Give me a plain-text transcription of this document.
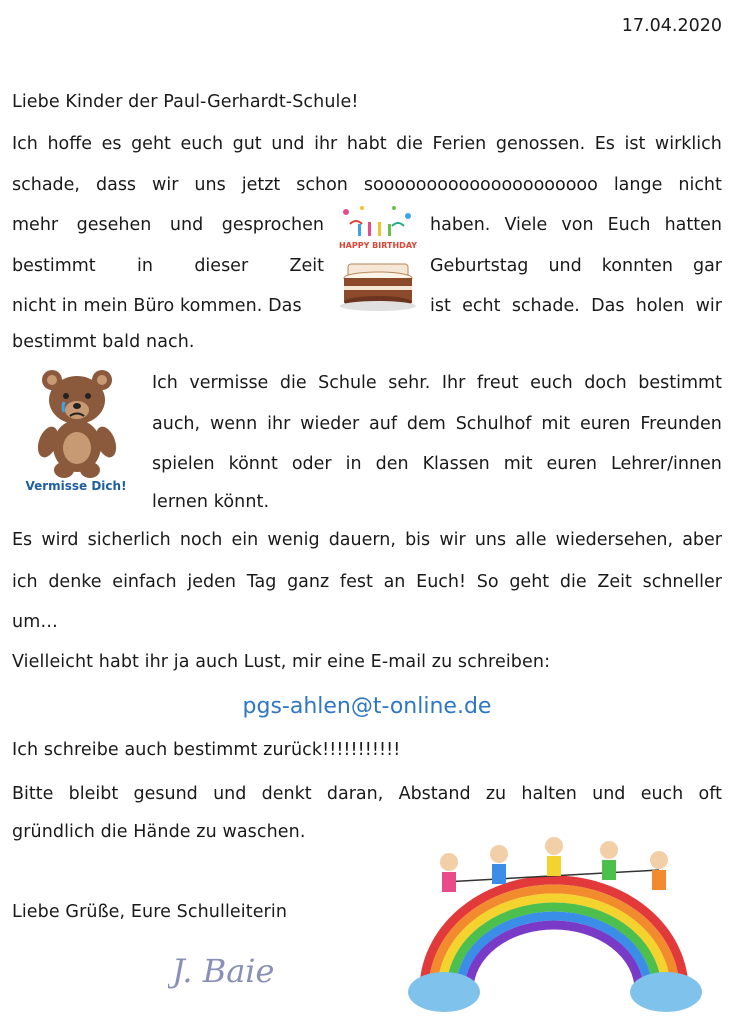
17.04.2020
Liebe Kinder der Paul-Gerhardt-Schule!
Ich hoffe es geht euch gut und ihr habt die Ferien genossen. Es ist wirklich
schade, dass wir uns jetzt schon sooooooooooooooooooooo lange nicht
mehr gesehen und gesprochen	haben. Viele von Euch hatten
bestimmt in dieser Zeit	Geburtstag und konnten gar
nicht in mein Büro kommen. Das	ist echt schade. Das holen wir
bestimmt bald nach.
Ich vermisse die Schule sehr. Ihr freut euch doch bestimmt
auch, wenn ihr wieder auf dem Schulhof mit euren Freunden
spielen könnt oder in den Klassen mit euren Lehrer/innen
lernen könnt.
Es wird sicherlich noch ein wenig dauern, bis wir uns alle wiedersehen, aber
ich denke einfach jeden Tag ganz fest an Euch! So geht die Zeit schneller
um…
Vielleicht habt ihr ja auch Lust, mir eine E-mail zu schreiben:
pgs-ahlen@t-online.de
Ich schreibe auch bestimmt zurück!!!!!!!!!!!
Bitte bleibt gesund und denkt daran, Abstand zu halten und euch oft
gründlich die Hände zu waschen.
Liebe Grüße, Eure Schulleiterin
J. Baie
HAPPY BIRTHDAY
Vermisse Dich!
